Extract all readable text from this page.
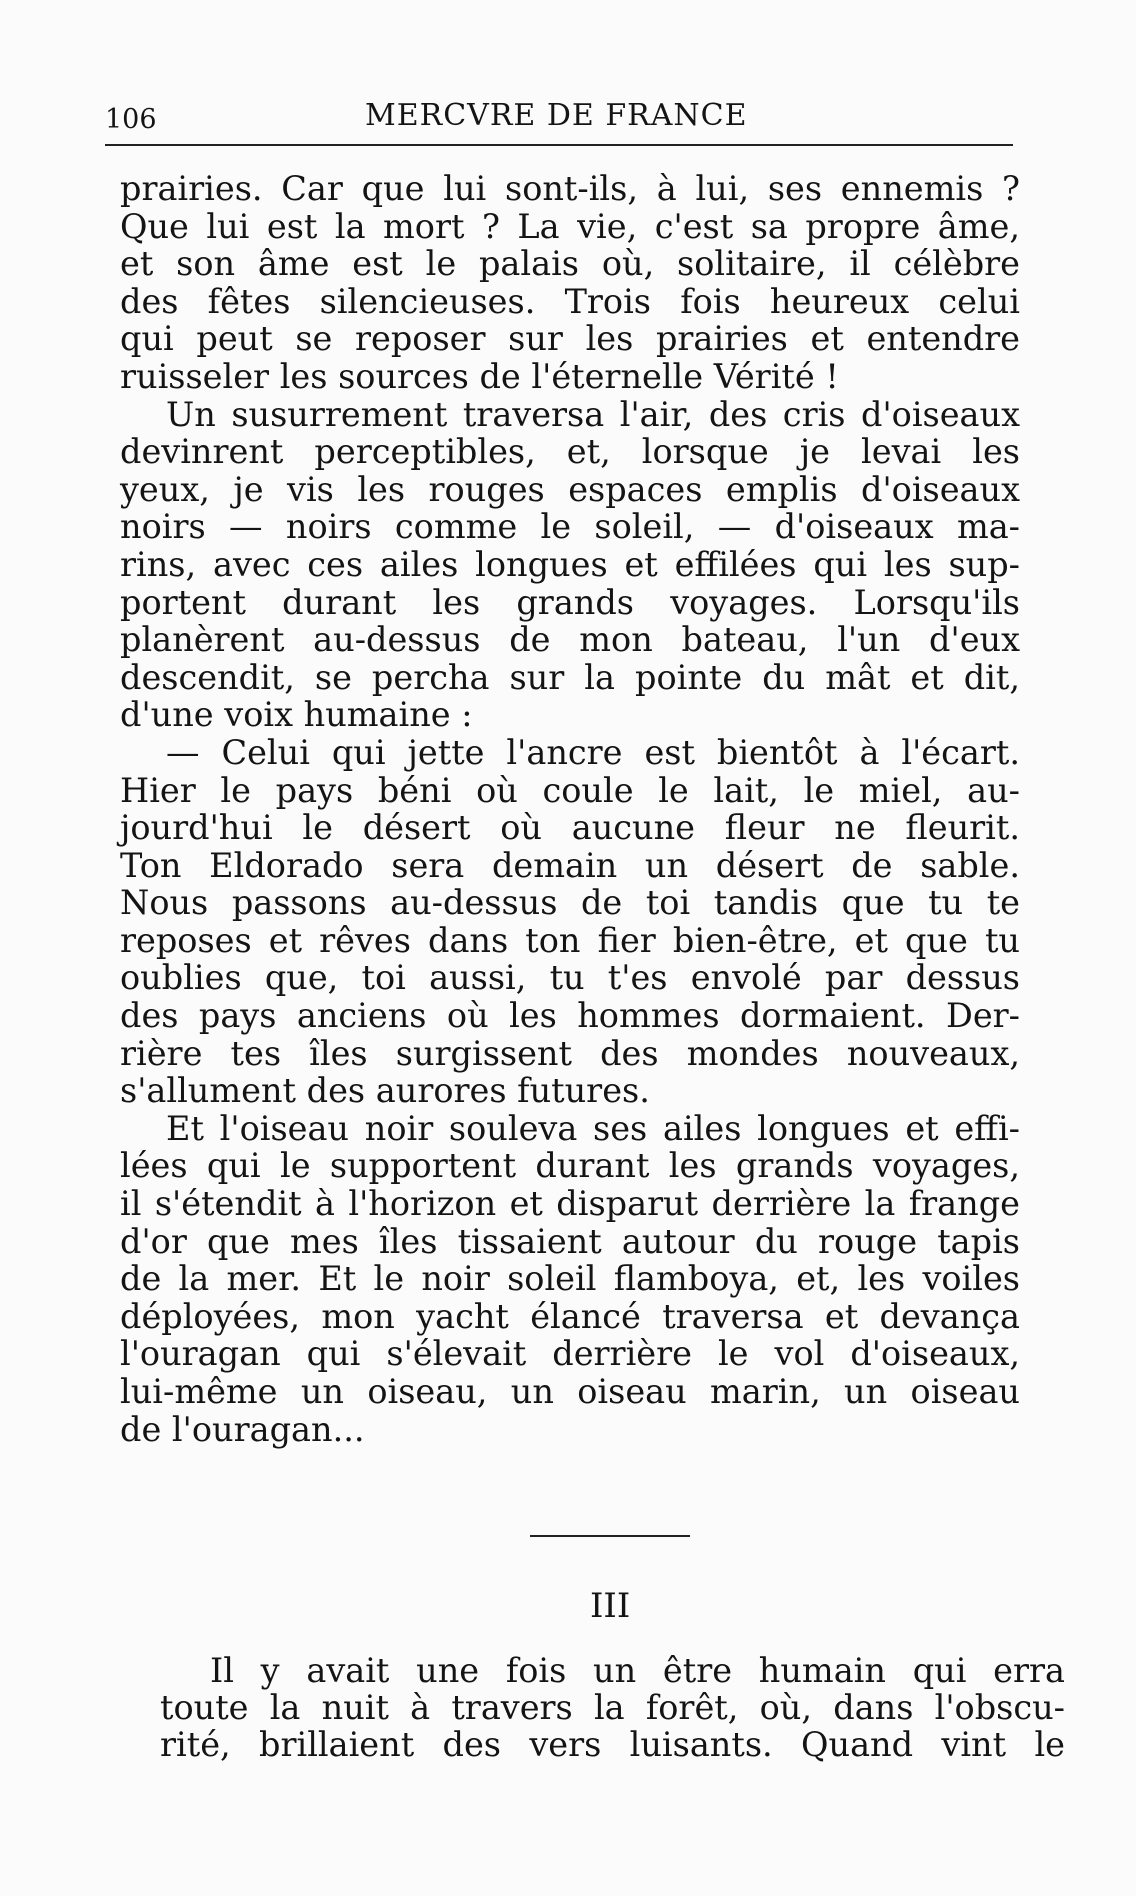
106	MERCVRE DE FRANCE
prairies. Car que lui sont-ils, à lui, ses ennemis ?
Que lui est la mort ? La vie, c'est sa propre âme,
et son âme est le palais où, solitaire, il célèbre
des fêtes silencieuses. Trois fois heureux celui
qui peut se reposer sur les prairies et entendre
ruisseler les sources de l'éternelle Vérité !
Un susurrement traversa l'air, des cris d'oiseaux
devinrent perceptibles, et, lorsque je levai les
yeux, je vis les rouges espaces emplis d'oiseaux
noirs — noirs comme le soleil, — d'oiseaux ma-
rins, avec ces ailes longues et effilées qui les sup-
portent durant les grands voyages. Lorsqu'ils
planèrent au-dessus de mon bateau, l'un d'eux
descendit, se percha sur la pointe du mât et dit,
d'une voix humaine :
— Celui qui jette l'ancre est bientôt à l'écart.
Hier le pays béni où coule le lait, le miel, au-
jourd'hui le désert où aucune fleur ne fleurit.
Ton Eldorado sera demain un désert de sable.
Nous passons au-dessus de toi tandis que tu te
reposes et rêves dans ton fier bien-être, et que tu
oublies que, toi aussi, tu t'es envolé par dessus
des pays anciens où les hommes dormaient. Der-
rière tes îles surgissent des mondes nouveaux,
s'allument des aurores futures.
Et l'oiseau noir souleva ses ailes longues et effi-
lées qui le supportent durant les grands voyages,
il s'étendit à l'horizon et disparut derrière la frange
d'or que mes îles tissaient autour du rouge tapis
de la mer. Et le noir soleil flamboya, et, les voiles
déployées, mon yacht élancé traversa et devança
l'ouragan qui s'élevait derrière le vol d'oiseaux,
lui-même un oiseau, un oiseau marin, un oiseau
de l'ouragan...
III
Il y avait une fois un être humain qui erra
toute la nuit à travers la forêt, où, dans l'obscu-
rité, brillaient des vers luisants. Quand vint le
